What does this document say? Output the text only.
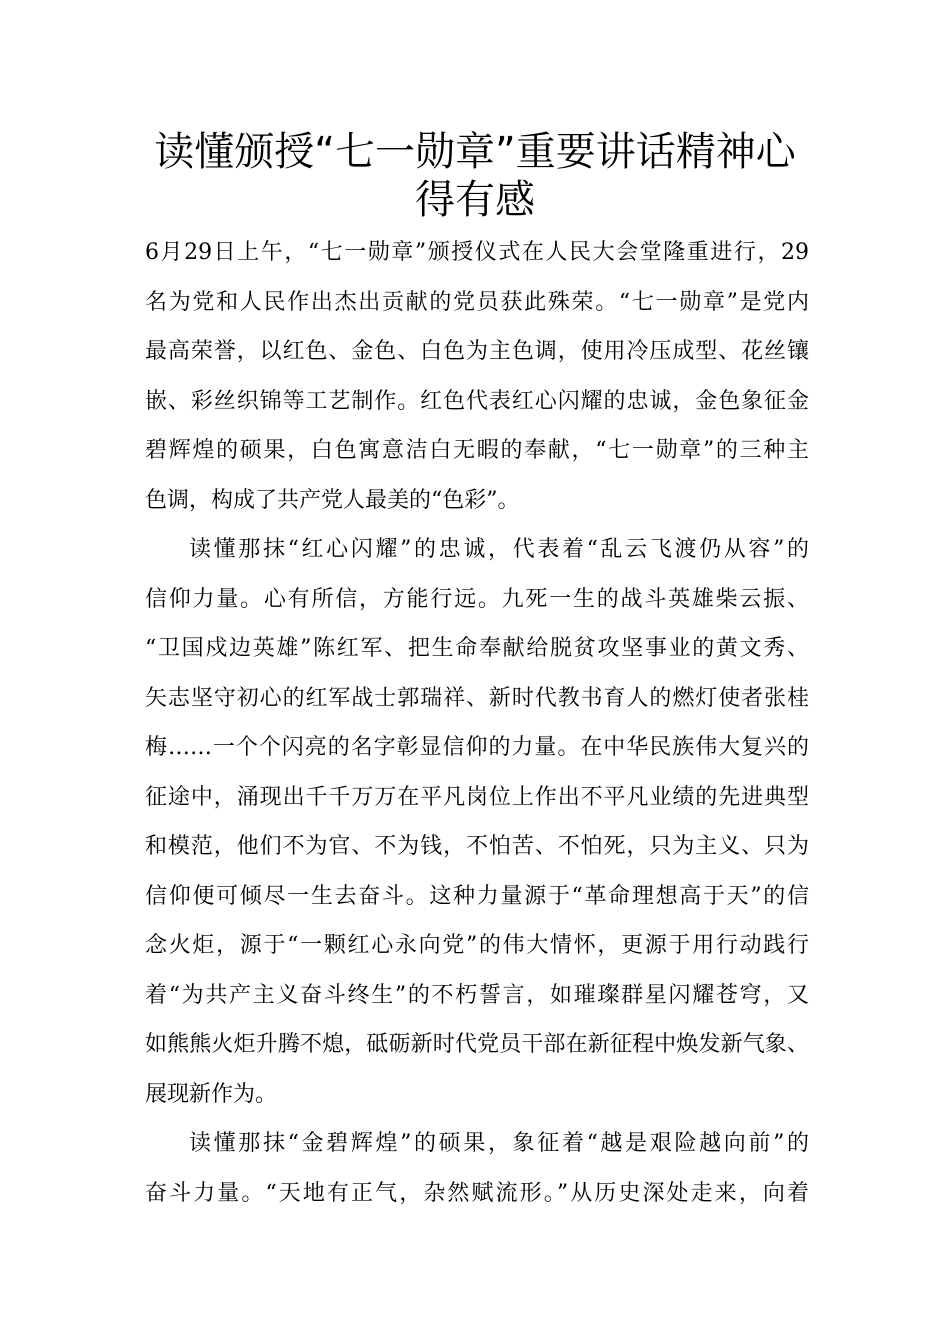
读懂颁授“七一勋章”重要讲话精神心
得有感
6月29日上午，“七一勋章”颁授仪式在人民大会堂隆重进行，29
名为党和人民作出杰出贡献的党员获此殊荣。“七一勋章”是党内
最高荣誉，以红色、金色、白色为主色调，使用冷压成型、花丝镶
嵌、彩丝织锦等工艺制作。红色代表红心闪耀的忠诚，金色象征金
碧辉煌的硕果，白色寓意洁白无暇的奉献，“七一勋章”的三种主
色调，构成了共产党人最美的“色彩”。
读懂那抹“红心闪耀”的忠诚，代表着“乱云飞渡仍从容”的
信仰力量。心有所信，方能行远。九死一生的战斗英雄柴云振、
“卫国戍边英雄”陈红军、把生命奉献给脱贫攻坚事业的黄文秀、
矢志坚守初心的红军战士郭瑞祥、新时代教书育人的燃灯使者张桂
梅……一个个闪亮的名字彰显信仰的力量。在中华民族伟大复兴的
征途中，涌现出千千万万在平凡岗位上作出不平凡业绩的先进典型
和模范，他们不为官、不为钱，不怕苦、不怕死，只为主义、只为
信仰便可倾尽一生去奋斗。这种力量源于“革命理想高于天”的信
念火炬，源于“一颗红心永向党”的伟大情怀，更源于用行动践行
着“为共产主义奋斗终生”的不朽誓言，如璀璨群星闪耀苍穹，又
如熊熊火炬升腾不熄，砥砺新时代党员干部在新征程中焕发新气象、
展现新作为。
读懂那抹“金碧辉煌”的硕果，象征着“越是艰险越向前”的
奋斗力量。“天地有正气，杂然赋流形。”从历史深处走来，向着
